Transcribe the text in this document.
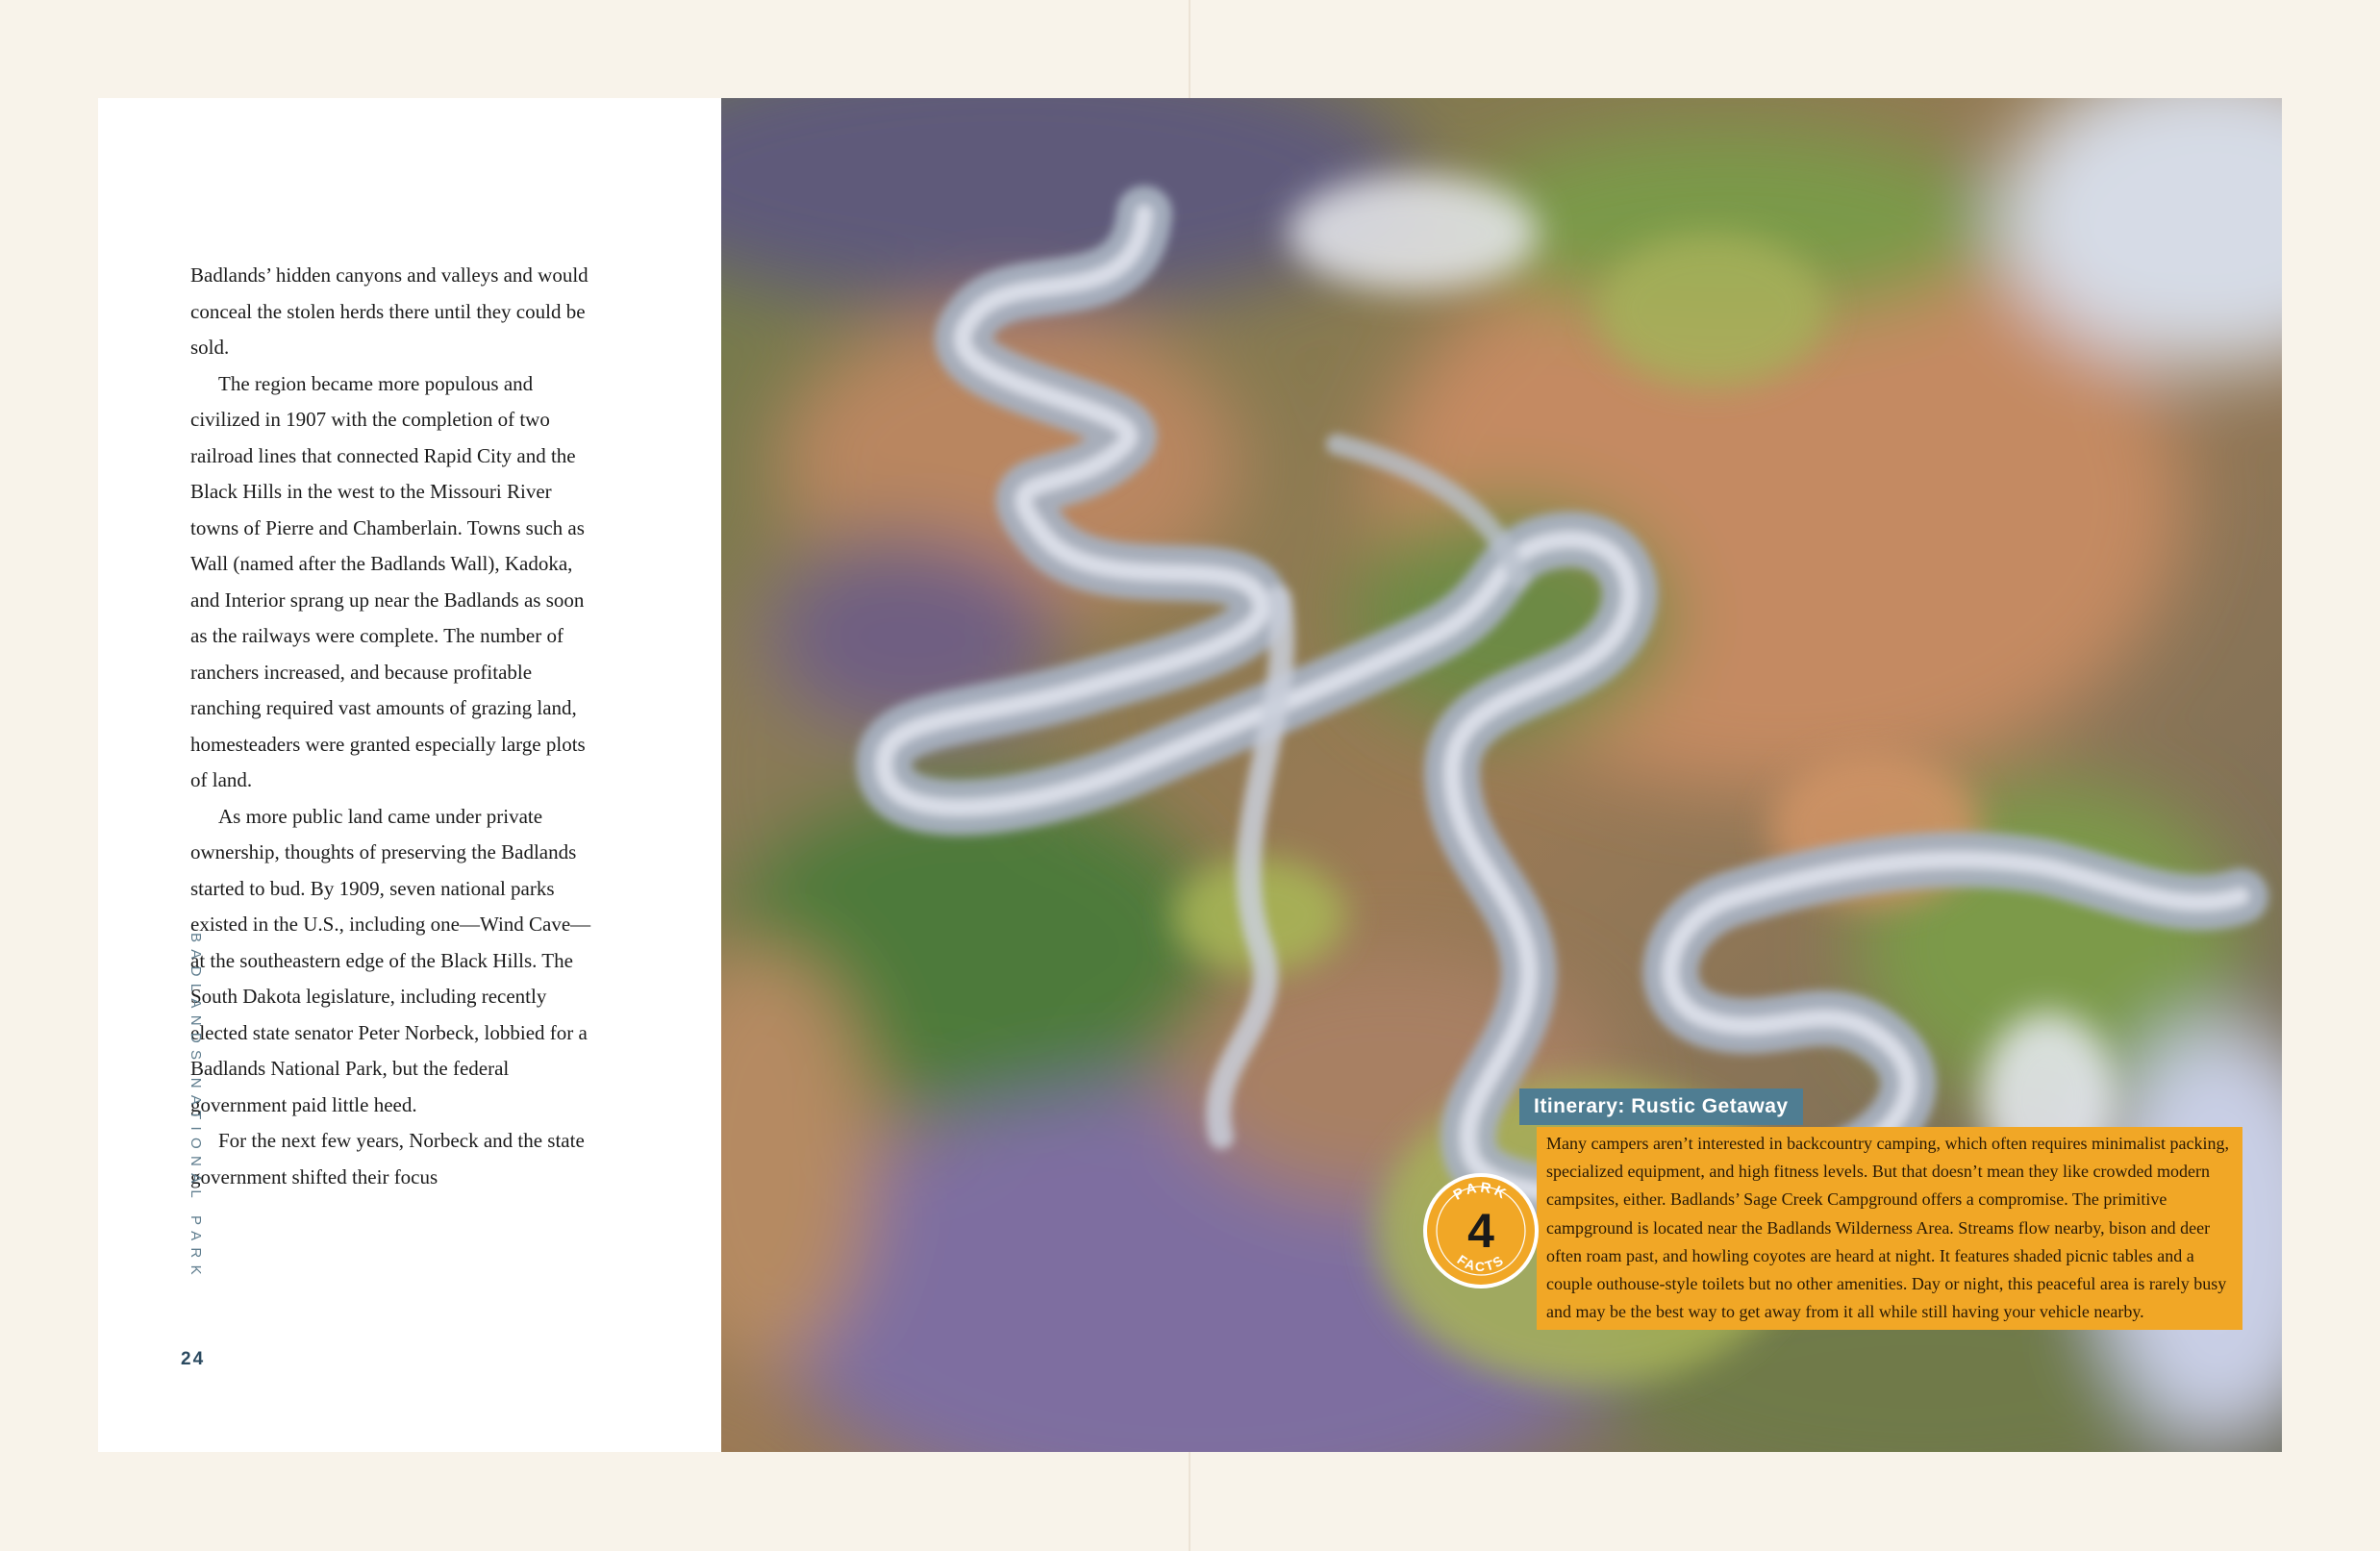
Badlands’ hidden canyons and valleys and would conceal the stolen herds there until they could be sold.

The region became more populous and civilized in 1907 with the completion of two railroad lines that connected Rapid City and the Black Hills in the west to the Missouri River towns of Pierre and Chamberlain. Towns such as Wall (named after the Badlands Wall), Kadoka, and Interior sprang up near the Badlands as soon as the railways were complete. The number of ranchers increased, and because profitable ranching required vast amounts of grazing land, homesteaders were granted especially large plots of land.

As more public land came under private ownership, thoughts of preserving the Badlands started to bud. By 1909, seven national parks existed in the U.S., including one—Wind Cave—at the southeastern edge of the Black Hills. The South Dakota legislature, including recently elected state senator Peter Norbeck, lobbied for a Badlands National Park, but the federal government paid little heed.

For the next few years, Norbeck and the state government shifted their focus

BADLANDS NATIONAL PARK
24
Itinerary: Rustic Getaway
Many campers aren’t interested in backcountry camping, which often requires minimalist packing, specialized equipment, and high fitness levels. But that doesn’t mean they like crowded modern campsites, either. Badlands’ Sage Creek Campground offers a compromise. The primitive campground is located near the Badlands Wilderness Area. Streams flow nearby, bison and deer often roam past, and howling coyotes are heard at night. It features shaded picnic tables and a couple outhouse-style toilets but no other amenities. Day or night, this peaceful area is rarely busy and may be the best way to get away from it all while still having your vehicle nearby.
PARK
4
FACTS
